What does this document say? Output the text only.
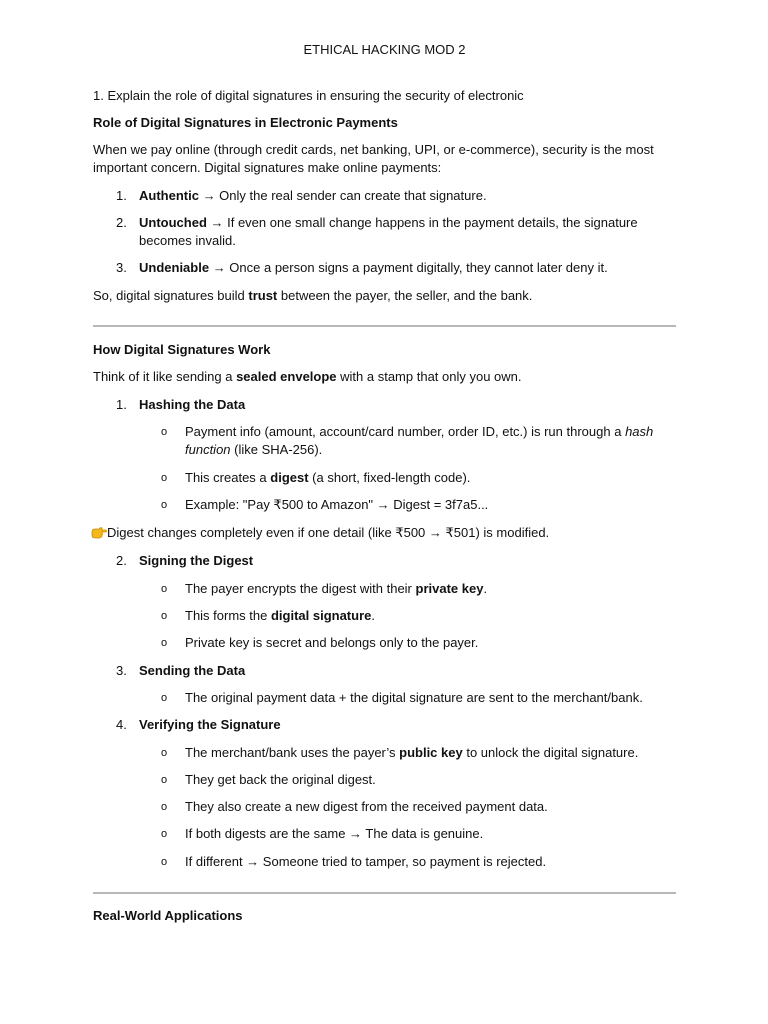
ETHICAL HACKING MOD 2
1. Explain the role of digital signatures in ensuring the security of electronic
Role of Digital Signatures in Electronic Payments
When we pay online (through credit cards, net banking, UPI, or e-commerce), security is the most important concern. Digital signatures make online payments:
1. Authentic → Only the real sender can create that signature.
2. Untouched → If even one small change happens in the payment details, the signature becomes invalid.
3. Undeniable → Once a person signs a payment digitally, they cannot later deny it.
So, digital signatures build trust between the payer, the seller, and the bank.
How Digital Signatures Work
Think of it like sending a sealed envelope with a stamp that only you own.
1. Hashing the Data
o Payment info (amount, account/card number, order ID, etc.) is run through a hash
function (like SHA-256).
o This creates a digest (a short, fixed-length code).
o Example: "Pay ₹500 to Amazon" → Digest = 3f7a5...
Digest changes completely even if one detail (like ₹500 → ₹501) is modified.
2. Signing the Digest
o The payer encrypts the digest with their private key.
o This forms the digital signature.
o Private key is secret and belongs only to the payer.
3. Sending the Data
o The original payment data + the digital signature are sent to the merchant/bank.
4. Verifying the Signature
o The merchant/bank uses the payer’s public key to unlock the digital signature.
o They get back the original digest.
o They also create a new digest from the received payment data.
o If both digests are the same → The data is genuine.
o If different → Someone tried to tamper, so payment is rejected.
Real-World Applications
